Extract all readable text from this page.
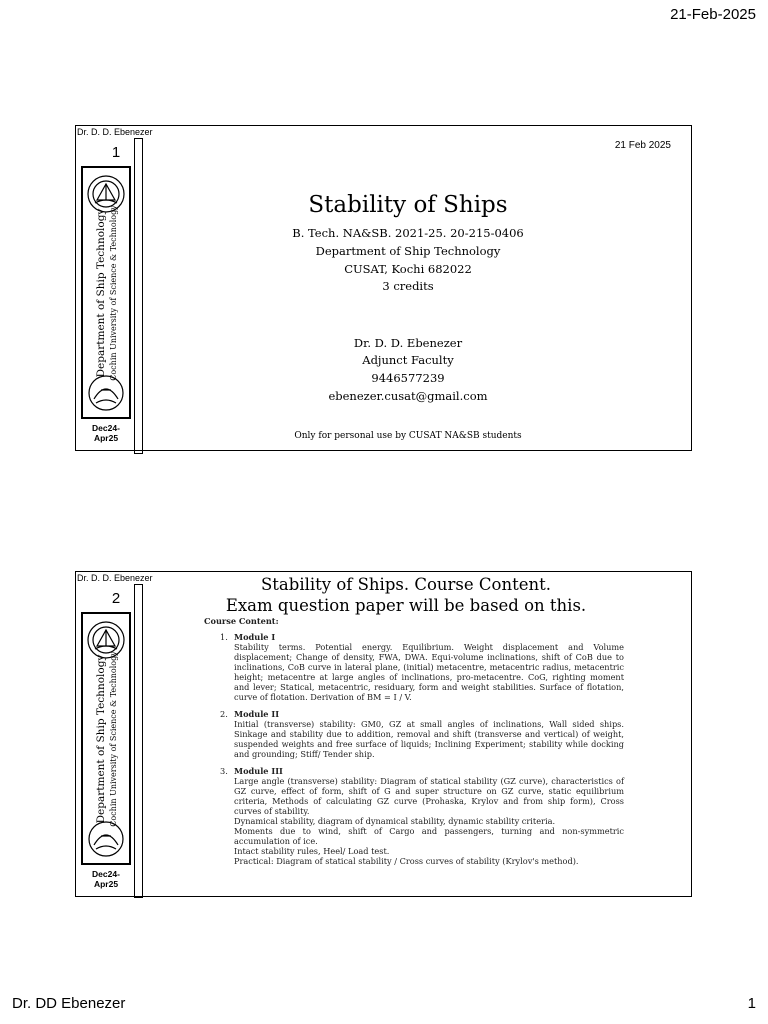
21-Feb-2025
Dr. D. D. Ebenezer
1
Department of Ship Technology Cochin University of Science & Technology
Dec24-
Apr25
21 Feb 2025
Stability of Ships
B. Tech. NA&SB. 2021-25. 20-215-0406
Department of Ship Technology
CUSAT, Kochi 682022
3 credits
Dr. D. D. Ebenezer
Adjunct Faculty
9446577239
ebenezer.cusat@gmail.com
Only for personal use by CUSAT NA&SB students
Dr. D. D. Ebenezer
2
Department of Ship Technology Cochin University of Science & Technology
Dec24-
Apr25
Stability of Ships. Course Content.
Exam question paper will be based on this.
Course Content:
1. Module I
Stability terms. Potential energy. Equilibrium. Weight displacement and Volume displacement; Change of density, FWA, DWA. Equi-volume inclinations, shift of CoB due to inclinations, CoB curve in lateral plane, (initial) metacentre, metacentric radius, metacentric height; metacentre at large angles of inclinations, pro-metacentre. CoG, righting moment and lever; Statical, metacentric, residuary, form and weight stabilities. Surface of flotation, curve of flotation. Derivation of BM = I / V.
2. Module II
Initial (transverse) stability: GM0, GZ at small angles of inclinations, Wall sided ships. Sinkage and stability due to addition, removal and shift (transverse and vertical) of weight, suspended weights and free surface of liquids; Inclining Experiment; stability while docking and grounding; Stiff/ Tender ship.
3. Module III
Large angle (transverse) stability: Diagram of statical stability (GZ curve), characteristics of GZ curve, effect of form, shift of G and super structure on GZ curve, static equilibrium criteria, Methods of calculating GZ curve (Prohaska, Krylov and from ship form), Cross curves of stability.
Dynamical stability, diagram of dynamical stability, dynamic stability criteria.
Moments due to wind, shift of Cargo and passengers, turning and non-symmetric accumulation of ice.
Intact stability rules, Heel/ Load test.
Practical: Diagram of statical stability / Cross curves of stability (Krylov's method).
Dr. DD Ebenezer	1
